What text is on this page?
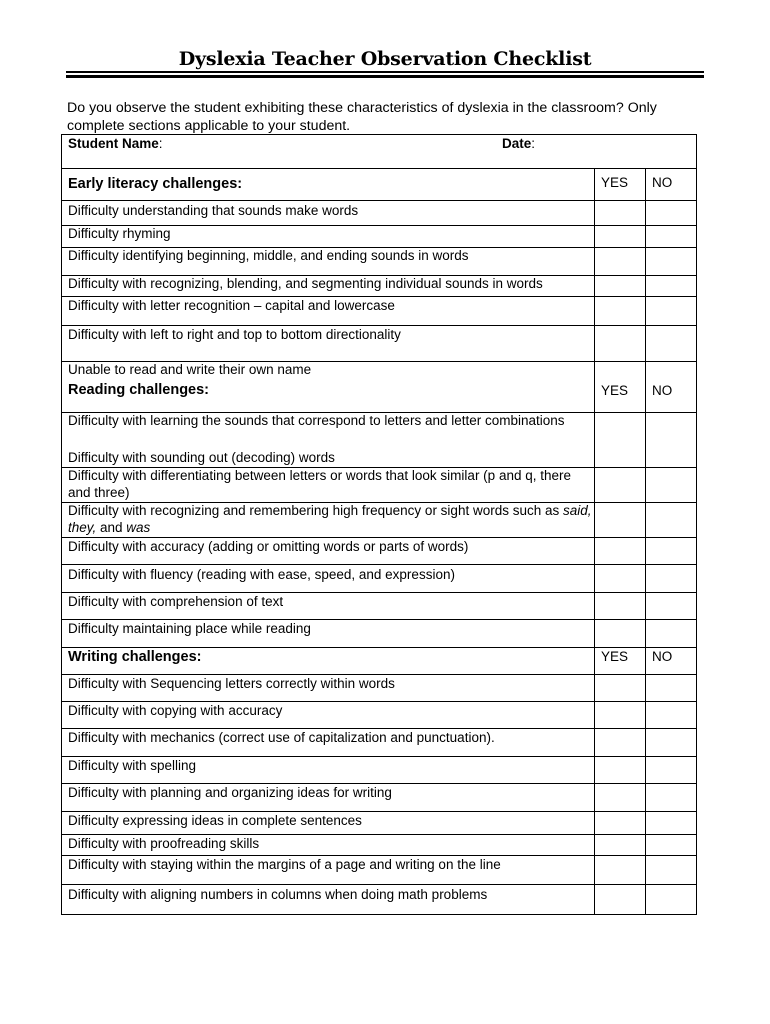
Dyslexia Teacher Observation Checklist
Do you observe the student exhibiting these characteristics of dyslexia in the classroom? Only complete sections applicable to your student.
Student Name:	Date:
Early literacy challenges:	YES	NO
Difficulty understanding that sounds make words
Difficulty rhyming
Difficulty identifying beginning, middle, and ending sounds in words
Difficulty with recognizing, blending, and segmenting individual sounds in words
Difficulty with letter recognition – capital and lowercase
Difficulty with left to right and top to bottom directionality
Unable to read and write their own name
Reading challenges:	YES	NO
Difficulty with learning the sounds that correspond to letters and letter combinations
Difficulty with sounding out (decoding) words
Difficulty with differentiating between letters or words that look similar (p and q, there and three)
Difficulty with recognizing and remembering high frequency or sight words such as said, they, and was
Difficulty with accuracy (adding or omitting words or parts of words)
Difficulty with fluency (reading with ease, speed, and expression)
Difficulty with comprehension of text
Difficulty maintaining place while reading
Writing challenges:	YES	NO
Difficulty with Sequencing letters correctly within words
Difficulty with copying with accuracy
Difficulty with mechanics (correct use of capitalization and punctuation).
Difficulty with spelling
Difficulty with planning and organizing ideas for writing
Difficulty expressing ideas in complete sentences
Difficulty with proofreading skills
Difficulty with staying within the margins of a page and writing on the line
Difficulty with aligning numbers in columns when doing math problems
